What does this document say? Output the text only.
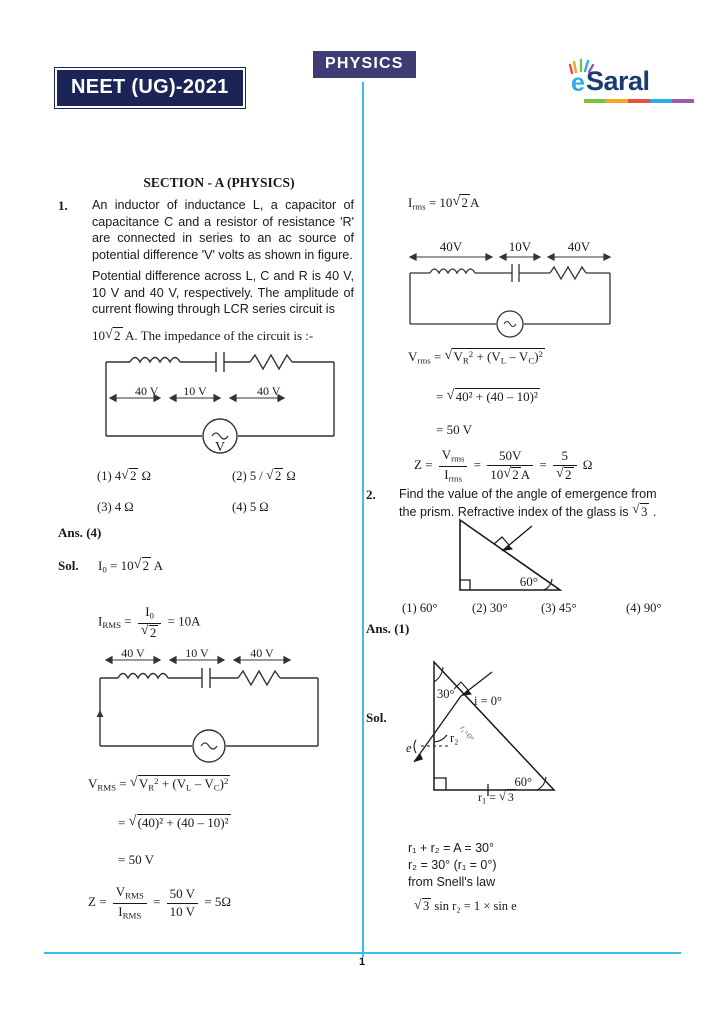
NEET (UG)-2021
PHYSICS
e Saral
1
SECTION - A (PHYSICS)
1. An inductor of inductance L, a capacitor of capacitance C and a resistor of resistance 'R' are connected in series to an ac source of potential difference 'V' volts as shown in figure.
Potential difference across L, C and R is 40 V, 10 V and 40 V, respectively. The amplitude of current flowing through LCR series circuit is
10 √ 2 A. The impedance of the circuit is :-
40 V 10 V	40 V
V
(1) 4 √ 2 Ω	(2) 5 / √ 2 Ω
(3) 4 Ω	(4) 5 Ω
Ans. (4)
Sol. $I_0 = 10$ √ 2 A
$I_{RMS} = I_0$
√ 2 = 10A
40 V	10 V	40 V
$V_{RMS}$ = √ $V_R^2 + (V_L - V_C)^2$
= √ (40)² + (40 – 10)²
= 50 V
$Z = \frac{V_{RMS}}{I_{RMS}} = \frac{50 V}{10 V} = 5\Omega$
$I_{rms} = 10$ √ 2 A
40V	10V	40V
$V_{rms}$ = √ $V_R^2 + (V_L - V_C)^2$
= √ 40² + (40 – 10)²
= 50 V
$Z = \frac{V_{rms}}{I_{rms}} = \frac{50V}{10 √ 2 A} = 5$
√ 2 Ω
2. Find the value of the angle of emergence from the prism. Refractive index of the glass is √ 3 .
60°
(1) 60°	(2) 30°	(3) 45°	(4) 90°
Ans. (1)
Sol.
30° i = 0°
r₁=0°
r₂
e
60°
$r_1$ = √ 3
r₁ + r₂ = A = 30°
r₂ = 30° (r₁ = 0°)
from Snell's law
√ 3 sin r₂ = 1 × sin e
